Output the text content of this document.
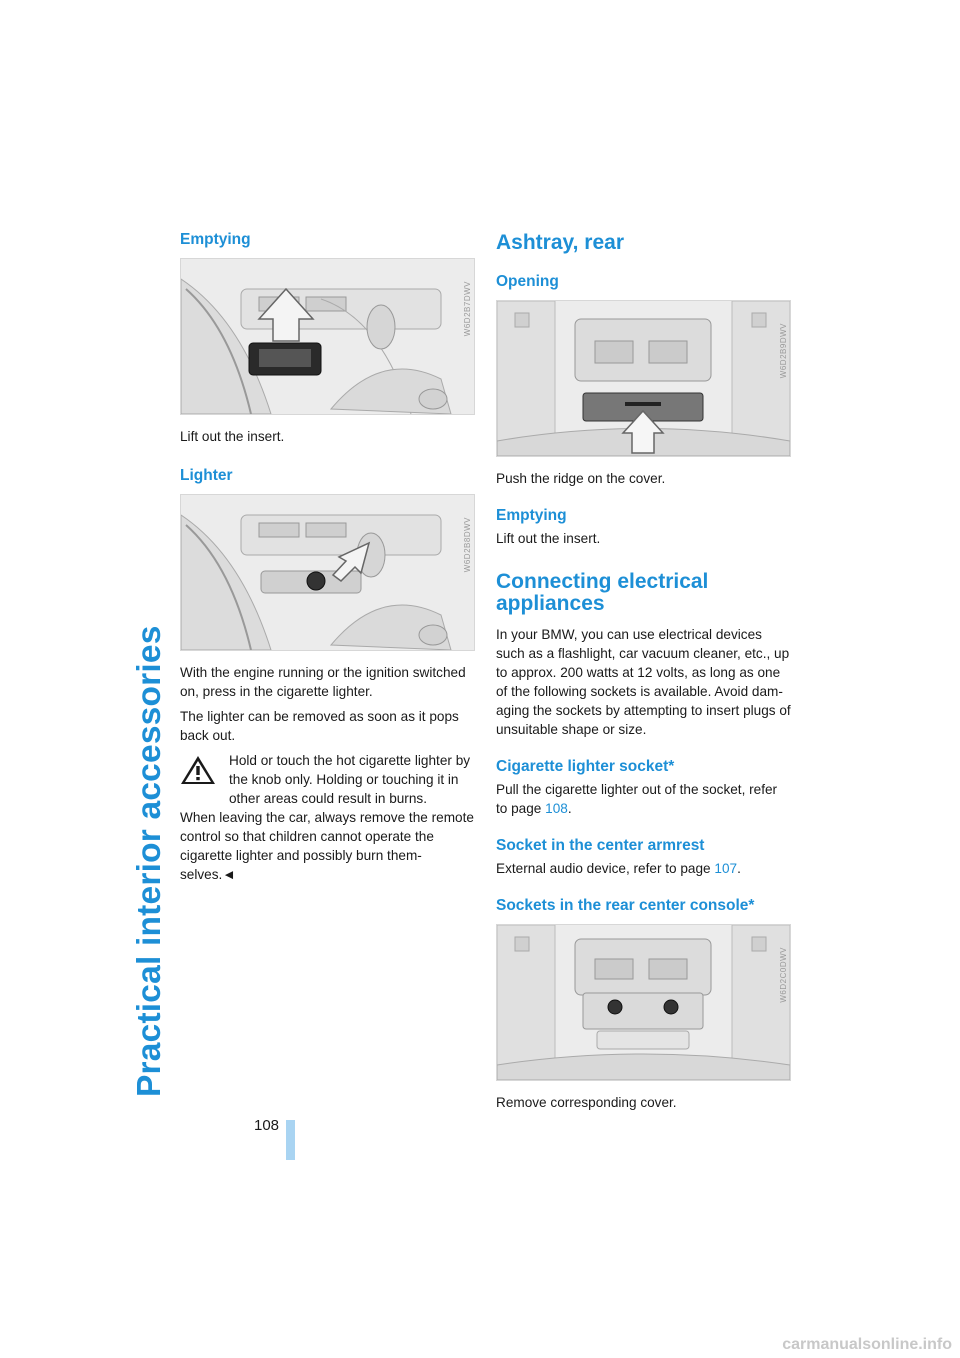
Practical interior accessories
Emptying
W6D2B7DWV

Lift out the insert.

Lighter
W6D2B8DWV

With the engine running or the ignition switched on, press in the cigarette lighter.

The lighter can be removed as soon as it pops back out.

Hold or touch the hot cigarette lighter by the knob only. Holding or touching it in other areas could result in burns.

When leaving the car, always remove the remote control so that children cannot operate the cigarette lighter and possibly burn them-selves.◄

Ashtray, rear
Opening
W6D2B9DWV

Push the ridge on the cover.

Emptying

Lift out the insert.

Connecting electrical appliances

In your BMW, you can use electrical devices such as a flashlight, car vacuum cleaner, etc., up to approx. 200 watts at 12 volts, as long as one of the following sockets is available. Avoid dam-aging the sockets by attempting to insert plugs of unsuitable shape or size.

Cigarette lighter socket*

Pull the cigarette lighter out of the socket, refer to page 108.

Socket in the center armrest

External audio device, refer to page 107.

Sockets in the rear center console*
W6D2C0DWV

Remove corresponding cover.

108
carmanualsonline.info
